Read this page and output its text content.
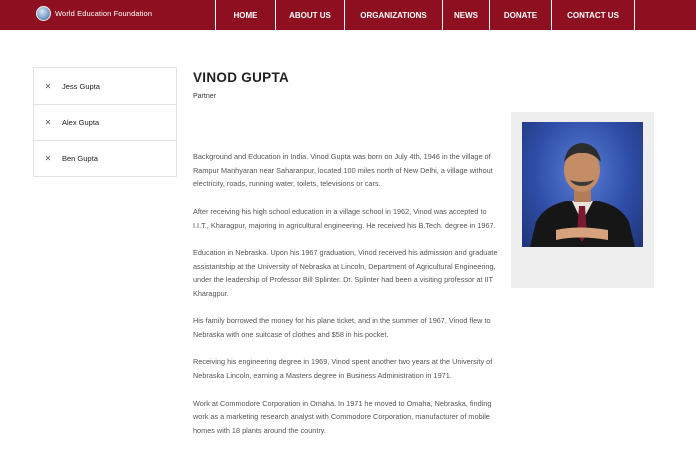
World Education Foundation	HOME	ABOUT US	ORGANIZATIONS	NEWS	DONATE	CONTACT US
✕	Jess Gupta
✕	Alex Gupta
✕	Ben Gupta
VINOD GUPTA
Partner

Background and Education in India. Vinod Gupta was born on July 4th, 1946 in the village of Rampur Manhyaran near Saharanpur, located 100 miles north of New Delhi, a village without electricity, roads, running water, toilets, televisions or cars.

After receiving his high school education in a village school in 1962, Vinod was accepted to I.I.T., Kharagpur, majoring in agricultural engineering. He received his B.Tech. degree in 1967.

Education in Nebraska. Upon his 1967 graduation, Vinod received his admission and graduate assistantship at the University of Nebraska at Lincoln, Department of Agricultural Engineering, under the leadership of Professor Bill Splinter. Dr. Splinter had been a visiting professor at IIT Kharagpur.

His family borrowed the money for his plane ticket, and in the summer of 1967, Vinod flew to Nebraska with one suitcase of clothes and $58 in his pocket.

Receiving his engineering degree in 1969, Vinod spent another two years at the University of Nebraska Lincoln, earning a Masters degree in Business Administration in 1971.

Work at Commodore Corporation in Omaha. In 1971 he moved to Omaha, Nebraska, finding work as a marketing research analyst with Commodore Corporation, manufacturer of mobile homes with 18 plants around the country.
